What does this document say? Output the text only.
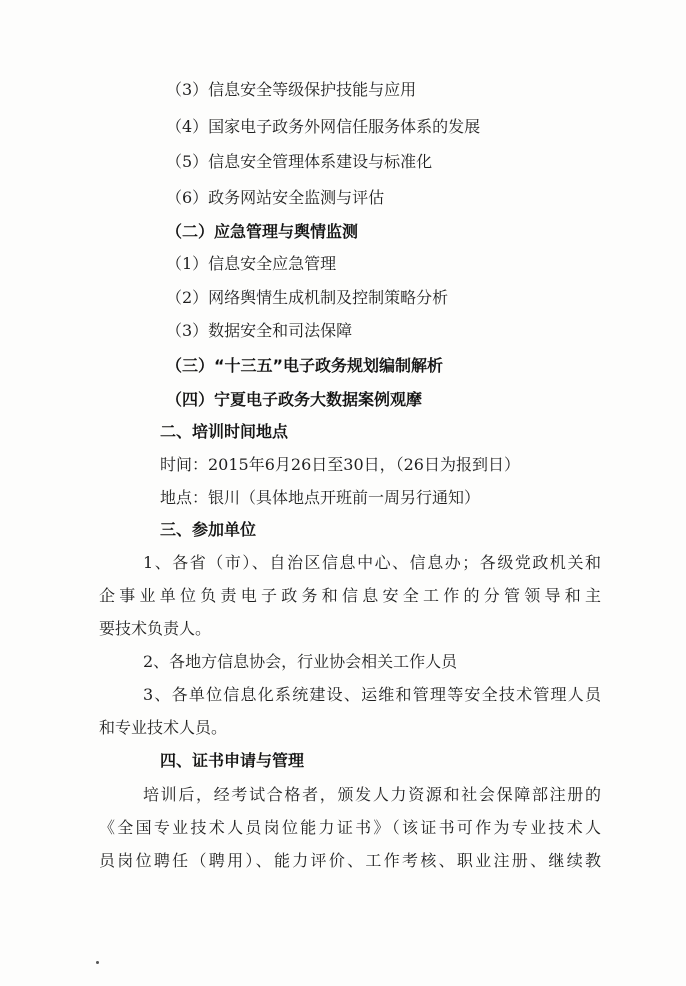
（3）信息安全等级保护技能与应用
（4）国家电子政务外网信任服务体系的发展
（5）信息安全管理体系建设与标准化
（6）政务网站安全监测与评估
（二）应急管理与舆情监测
（1）信息安全应急管理
（2）网络舆情生成机制及控制策略分析
（3）数据安全和司法保障
（三）“十三五”电子政务规划编制解析
（四）宁夏电子政务大数据案例观摩
二、培训时间地点
时间：2015年6月26日至30日，（26日为报到日）
地点：银川（具体地点开班前一周另行通知）
三、参加单位
1、各省（市）、自治区信息中心、信息办；各级党政机关和
企事业单位负责电子政务和信息安全工作的分管领导和主
要技术负责人。
2、各地方信息协会，行业协会相关工作人员
3、各单位信息化系统建设、运维和管理等安全技术管理人员
和专业技术人员。
四、证书申请与管理
培训后，经考试合格者，颁发人力资源和社会保障部注册的
《全国专业技术人员岗位能力证书》（该证书可作为专业技术人
员岗位聘任（聘用）、能力评价、工作考核、职业注册、继续教
